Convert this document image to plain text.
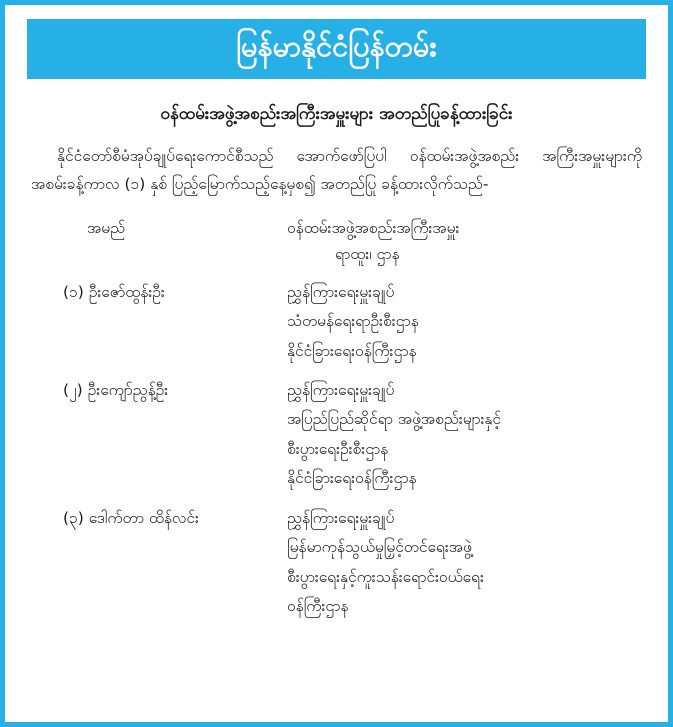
မြန်မာနိုင်ငံပြန်တမ်း
ဝန်ထမ်းအဖွဲ့အစည်းအကြီးအမှူးများ အတည်ပြုခန့်ထားခြင်း
နိုင်ငံတော်စီမံအုပ်ချုပ်ရေးကောင်စီသည် အောက်ဖော်ပြပါ ဝန်ထမ်းအဖွဲ့အစည်း အကြီးအမှူးများကို အစမ်းခန့်ကာလ (၁) နှစ် ပြည့်မြောက်သည့်နေ့မှစ၍ အတည်ပြု ခန့်ထားလိုက်သည်-
အမည်	ဝန်ထမ်းအဖွဲ့အစည်းအကြီးအမှူး
ရာထူး၊ ဌာန
(၁) ဦးဇော်ထွန်းဦး	ညွှန်ကြားရေးမှူးချုပ်
သံတမန်ရေးရာဦးစီးဌာန
နိုင်ငံခြားရေးဝန်ကြီးဌာန
(၂) ဦးကျော်ညွန့်ဦး	ညွှန်ကြားရေးမှူးချုပ်
အပြည်ပြည်ဆိုင်ရာ အဖွဲ့အစည်းများနှင့်
စီးပွားရေးဦးစီးဌာန
နိုင်ငံခြားရေးဝန်ကြီးဌာန
(၃) ဒေါက်တာ ထိန်လင်း	ညွှန်ကြားရေးမှူးချုပ်
မြန်မာကုန်သွယ်မှုမြှင့်တင်ရေးအဖွဲ့
စီးပွားရေးနှင့်ကူးသန်းရောင်းဝယ်ရေး
ဝန်ကြီးဌာန
